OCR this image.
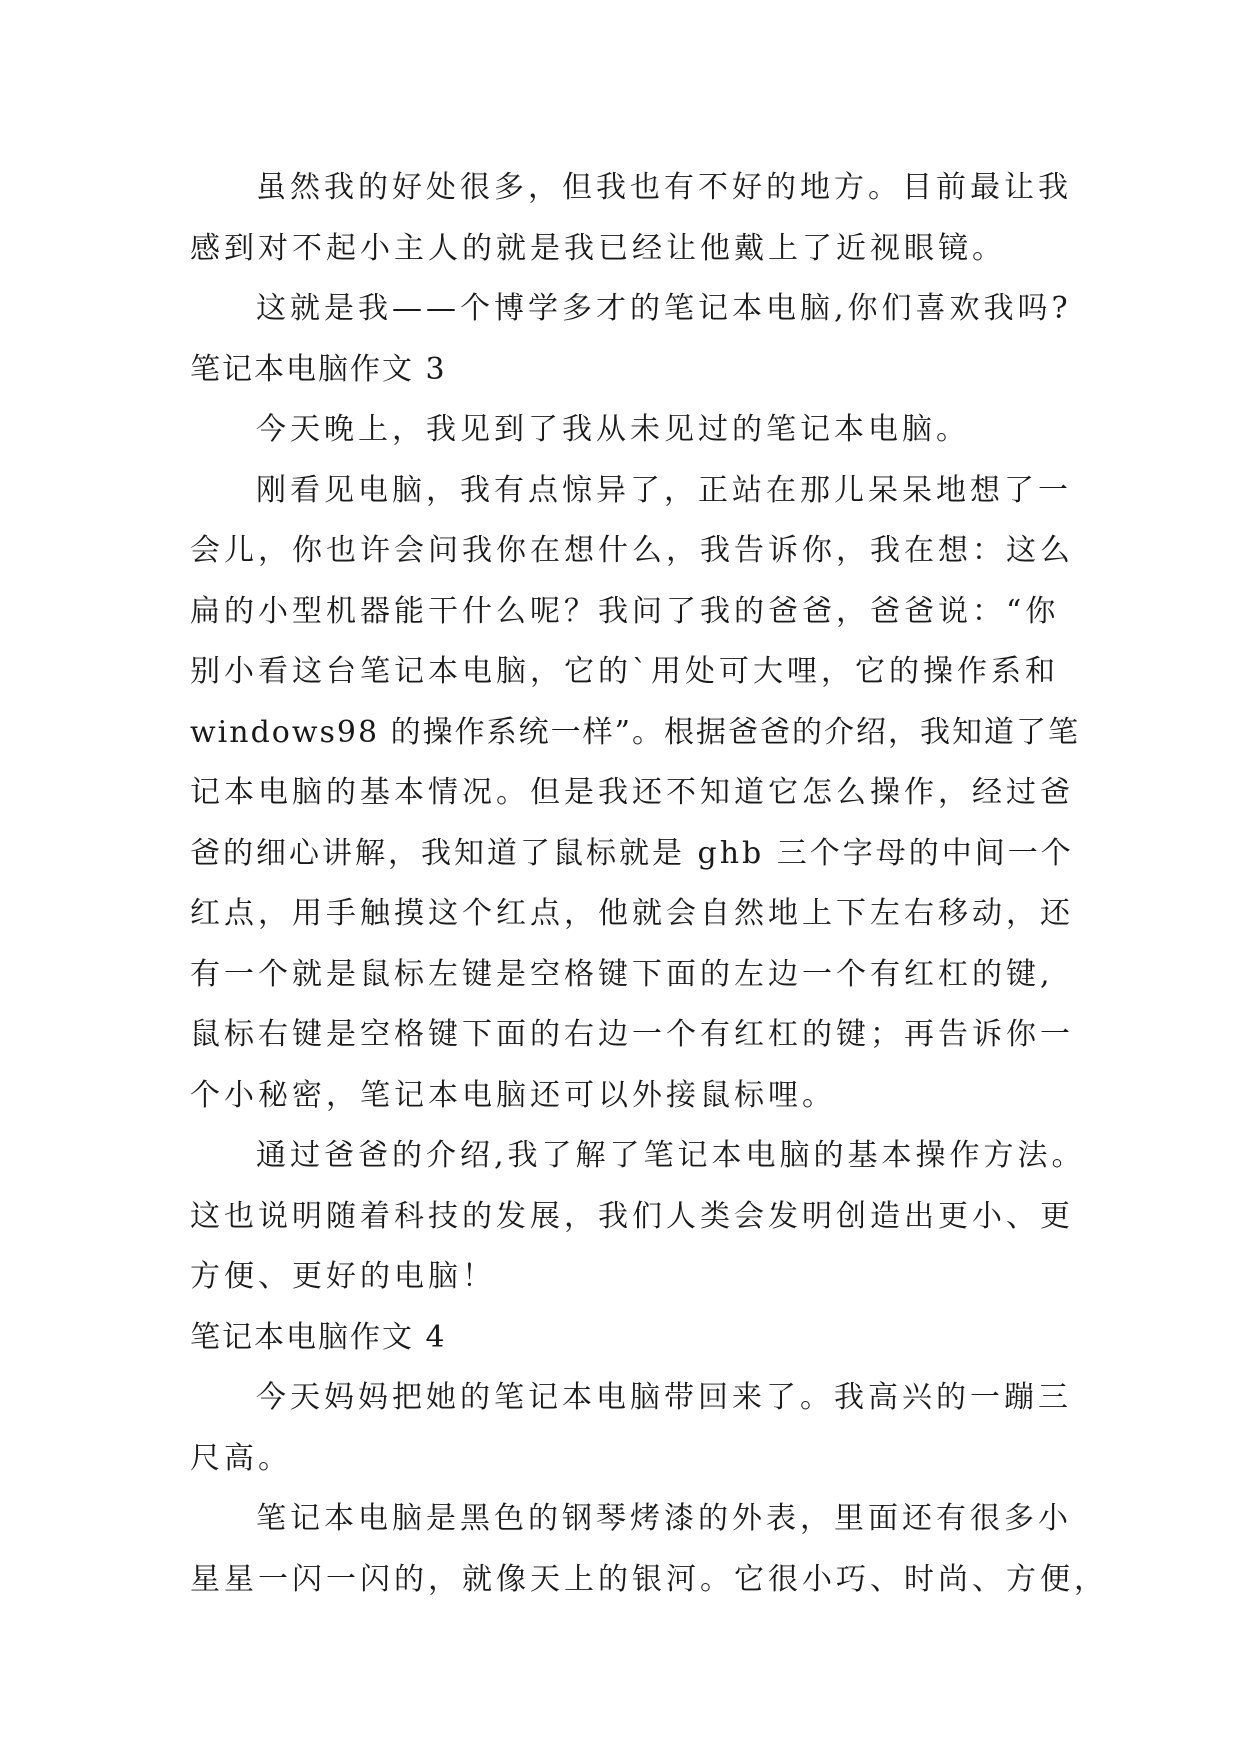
虽然我的好处很多，但我也有不好的地方。目前最让我
感到对不起小主人的就是我已经让他戴上了近视眼镜。
这就是我——个博学多才的笔记本电脑,你们喜欢我吗?
笔记本电脑作文 3
今天晚上，我见到了我从未见过的笔记本电脑。
刚看见电脑，我有点惊异了，正站在那儿呆呆地想了一
会儿，你也许会问我你在想什么，我告诉你，我在想：这么
扁的小型机器能干什么呢？我问了我的爸爸，爸爸说：“你
别小看这台笔记本电脑，它的`用处可大哩，它的操作系和
windows98 的操作系统一样”。根据爸爸的介绍，我知道了笔
记本电脑的基本情况。但是我还不知道它怎么操作，经过爸
爸的细心讲解，我知道了鼠标就是 ghb 三个字母的中间一个
红点，用手触摸这个红点，他就会自然地上下左右移动，还
有一个就是鼠标左键是空格键下面的左边一个有红杠的键,
鼠标右键是空格键下面的右边一个有红杠的键；再告诉你一
个小秘密，笔记本电脑还可以外接鼠标哩。
通过爸爸的介绍,我了解了笔记本电脑的基本操作方法。
这也说明随着科技的发展，我们人类会发明创造出更小、更
方便、更好的电脑！
笔记本电脑作文 4
今天妈妈把她的笔记本电脑带回来了。我高兴的一蹦三
尺高。
笔记本电脑是黑色的钢琴烤漆的外表，里面还有很多小
星星一闪一闪的，就像天上的银河。它很小巧、时尚、方便，
